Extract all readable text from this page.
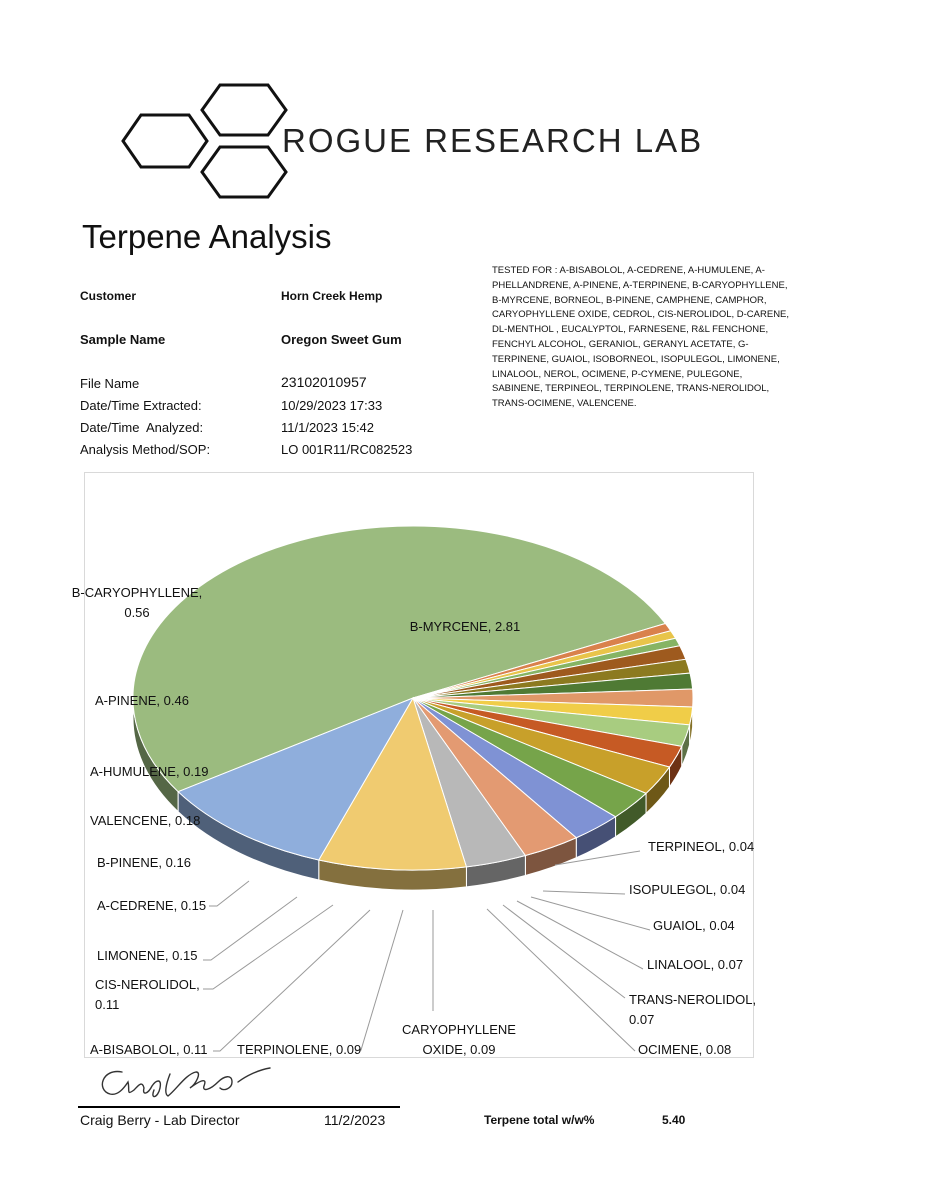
ROGUE RESEARCH LAB
Terpene Analysis
Customer	Horn Creek Hemp
Sample Name	Oregon Sweet Gum
File Name	23102010957
Date/Time Extracted:	10/29/2023 17:33
Date/Time  Analyzed:	11/1/2023 15:42
Analysis Method/SOP:	LO 001R11/RC082523
TESTED FOR : A-BISABOLOL, A-CEDRENE, A-HUMULENE, A-PHELLANDRENE, A-PINENE, A-TERPINENE, B-CARYOPHYLLENE, B-MYRCENE, BORNEOL, B-PINENE, CAMPHENE, CAMPHOR, CARYOPHYLLENE OXIDE, CEDROL, CIS-NEROLIDOL, D-CARENE, DL-MENTHOL , EUCALYPTOL, FARNESENE, R&L FENCHONE, FENCHYL ALCOHOL, GERANIOL, GERANYL ACETATE, G-TERPINENE, GUAIOL, ISOBORNEOL, ISOPULEGOL, LIMONENE, LINALOOL, NEROL, OCIMENE, P-CYMENE, PULEGONE, SABINENE, TERPINEOL, TERPINOLENE, TRANS-NEROLIDOL, TRANS-OCIMENE, VALENCENE.
B-MYRCENE, 2.81
TERPINEOL, 0.04
ISOPULEGOL, 0.04
GUAIOL, 0.04
LINALOOL, 0.07
TRANS-NEROLIDOL, 0.07
OCIMENE, 0.08
CARYOPHYLLENE OXIDE, 0.09
TERPINOLENE, 0.09
A-BISABOLOL, 0.11
CIS-NEROLIDOL, 0.11
LIMONENE, 0.15
A-CEDRENE, 0.15
B-PINENE, 0.16
VALENCENE, 0.18
A-HUMULENE, 0.19
A-PINENE, 0.46
B-CARYOPHYLLENE, 0.56
Craig Berry - Lab Director	11/2/2023	Terpene total w/w%	5.40
